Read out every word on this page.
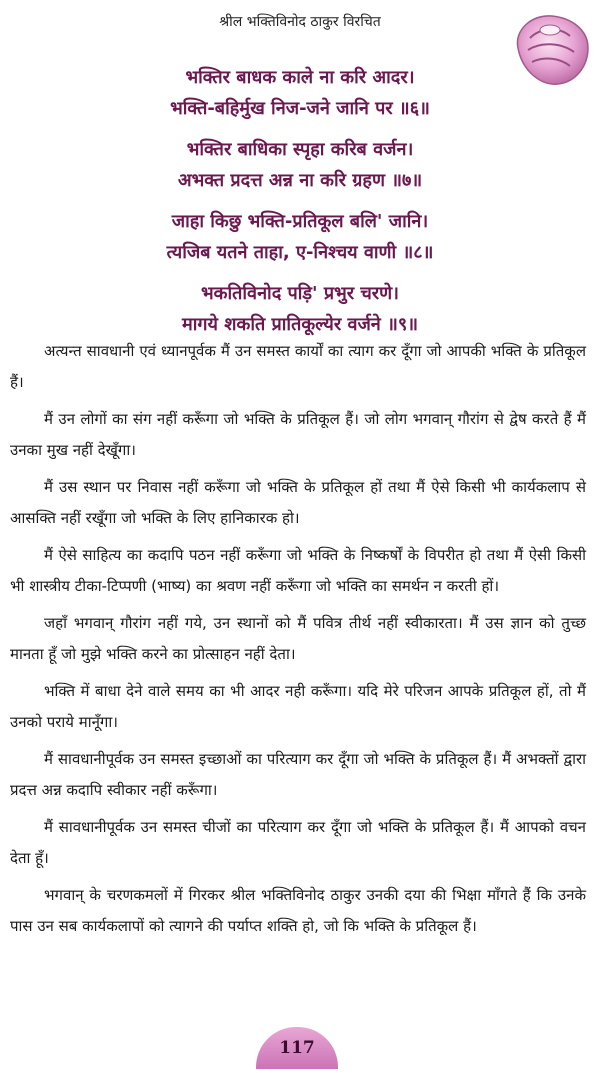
श्रील भक्तिविनोद ठाकुर विरचित
भक्तिर बाधक काले ना करि आदर।
भक्ति-बहिर्मुख निज-जने जानि पर ॥६॥
भक्तिर बाधिका स्पृहा करिब वर्जन।
अभक्त प्रदत्त अन्न ना करि ग्रहण ॥७॥
जाहा किछु भक्ति-प्रतिकूल बलि' जानि।
त्यजिब यतने ताहा, ए-निश्चय वाणी ॥८॥
भकतिविनोद पड़ि' प्रभुर चरणे।
मागये शकति प्रातिकूल्येर वर्जने ॥९॥

अत्यन्त सावधानी एवं ध्यानपूर्वक मैं उन समस्त कार्यों का त्याग कर दूँगा जो आपकी भक्ति के प्रतिकूल हैं।

मैं उन लोगों का संग नहीं करूँगा जो भक्ति के प्रतिकूल हैं। जो लोग भगवान् गौरांग से द्वेष करते हैं मैं उनका मुख नहीं देखूँगा।

मैं उस स्थान पर निवास नहीं करूँगा जो भक्ति के प्रतिकूल हों तथा मैं ऐसे किसी भी कार्यकलाप से आसक्ति नहीं रखूँगा जो भक्ति के लिए हानिकारक हो।

मैं ऐसे साहित्य का कदापि पठन नहीं करूँगा जो भक्ति के निष्कर्षों के विपरीत हो तथा मैं ऐसी किसी भी शास्त्रीय टीका-टिप्पणी (भाष्य) का श्रवण नहीं करूँगा जो भक्ति का समर्थन न करती हों।

जहाँ भगवान् गौरांग नहीं गये, उन स्थानों को मैं पवित्र तीर्थ नहीं स्वीकारता। मैं उस ज्ञान को तुच्छ मानता हूँ जो मुझे भक्ति करने का प्रोत्साहन नहीं देता।

भक्ति में बाधा देने वाले समय का भी आदर नही करूँगा। यदि मेरे परिजन आपके प्रतिकूल हों, तो मैं उनको पराये मानूँगा।

मैं सावधानीपूर्वक उन समस्त इच्छाओं का परित्याग कर दूँगा जो भक्ति के प्रतिकूल हैं। मैं अभक्तों द्वारा प्रदत्त अन्न कदापि स्वीकार नहीं करूँगा।

मैं सावधानीपूर्वक उन समस्त चीजों का परित्याग कर दूँगा जो भक्ति के प्रतिकूल हैं। मैं आपको वचन देता हूँ।

भगवान् के चरणकमलों में गिरकर श्रील भक्तिविनोद ठाकुर उनकी दया की भिक्षा माँगते हैं कि उनके पास उन सब कार्यकलापों को त्यागने की पर्याप्त शक्ति हो, जो कि भक्ति के प्रतिकूल हैं।

117
